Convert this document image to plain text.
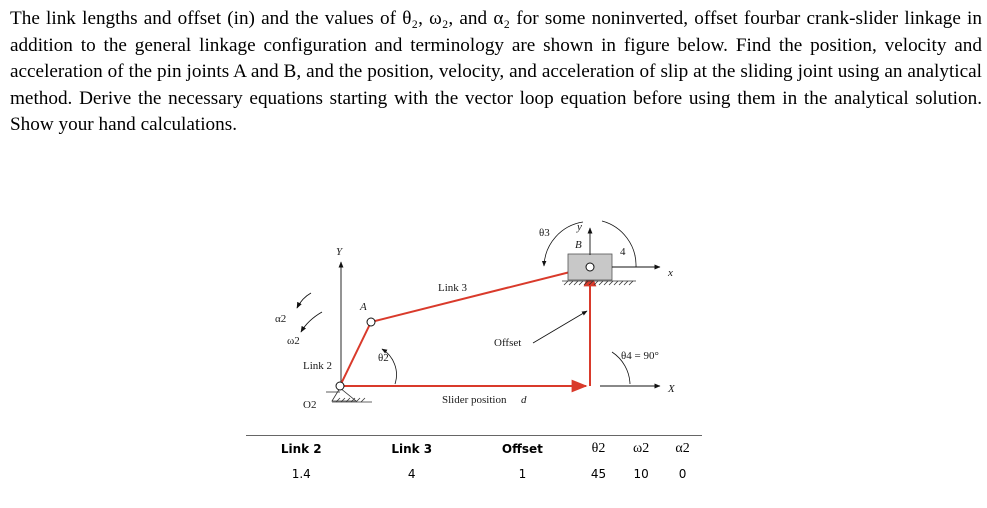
The link lengths and offset (in) and the values of θ₂, ω₂, and α₂ for some noninverted, offset fourbar crank-slider linkage in addition to the general linkage configuration and terminology are shown in figure below. Find the position, velocity and acceleration of the pin joints A and B, and the position, velocity, and acceleration of slip at the sliding joint using an analytical method. Derive the necessary equations starting with the vector loop equation before using them in the analytical solution. Show your hand calculations.

α2
ω2
Link 2
O2
Y
A
θ2
Link 3
Offset
Slider position d
θ3 y
B
4
x
θ4 = 90°
X
Link 2	Link 3	Offset	θ2	ω2	α2
1.4	4	1	45	10	0
